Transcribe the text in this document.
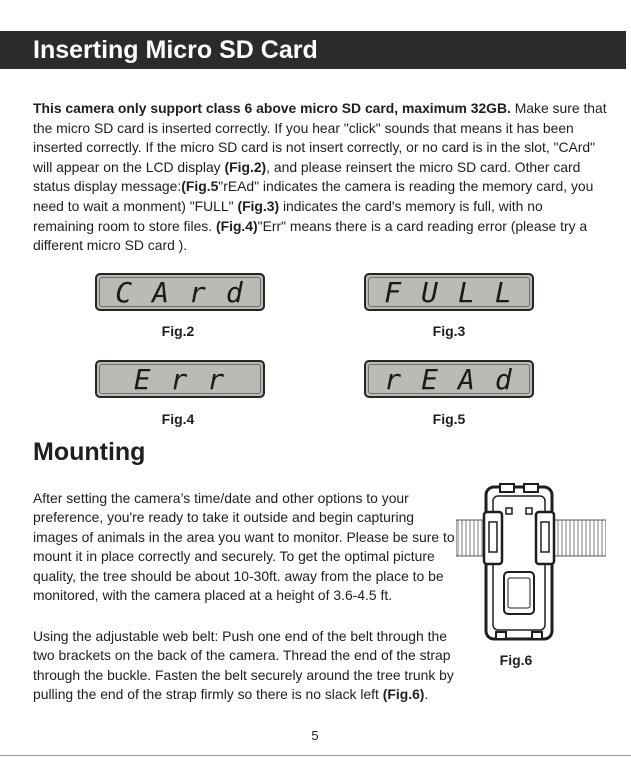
Inserting Micro SD Card
This camera only support class 6 above micro SD card, maximum 32GB. Make sure that the micro SD card is inserted correctly. If you hear "click" sounds that means it has been inserted correctly. If the micro SD card is not insert correctly, or no card is in the slot, "CArd" will appear on the LCD display (Fig.2), and please reinsert the micro SD card. Other card status display message:(Fig.5"rEAd" indicates the camera is reading the memory card, you need to wait a monment) "FULL" (Fig.3) indicates the card's memory is full, with no remaining room to store files. (Fig.4)"Err" means there is a card reading error (please try a different micro SD card ).
CArd
Fig.2
FULL
Fig.3
Err
Fig.4
rEAd
Fig.5
Mounting
After setting the camera’s time/date and other options to your preference, you're ready to take it outside and begin capturing images of animals in the area you want to monitor. Please be sure to mount it in place correctly and securely. To get the optimal picture quality, the tree should be about 10-30ft. away from the place to be monitored, with the camera placed at a height of 3.6-4.5 ft.
Using the adjustable web belt: Push one end of the belt through the two brackets on the back of the camera. Thread the end of the strap through the buckle. Fasten the belt securely around the tree trunk by pulling the end of the strap firmly so there is no slack left (Fig.6).
Fig.6
5
